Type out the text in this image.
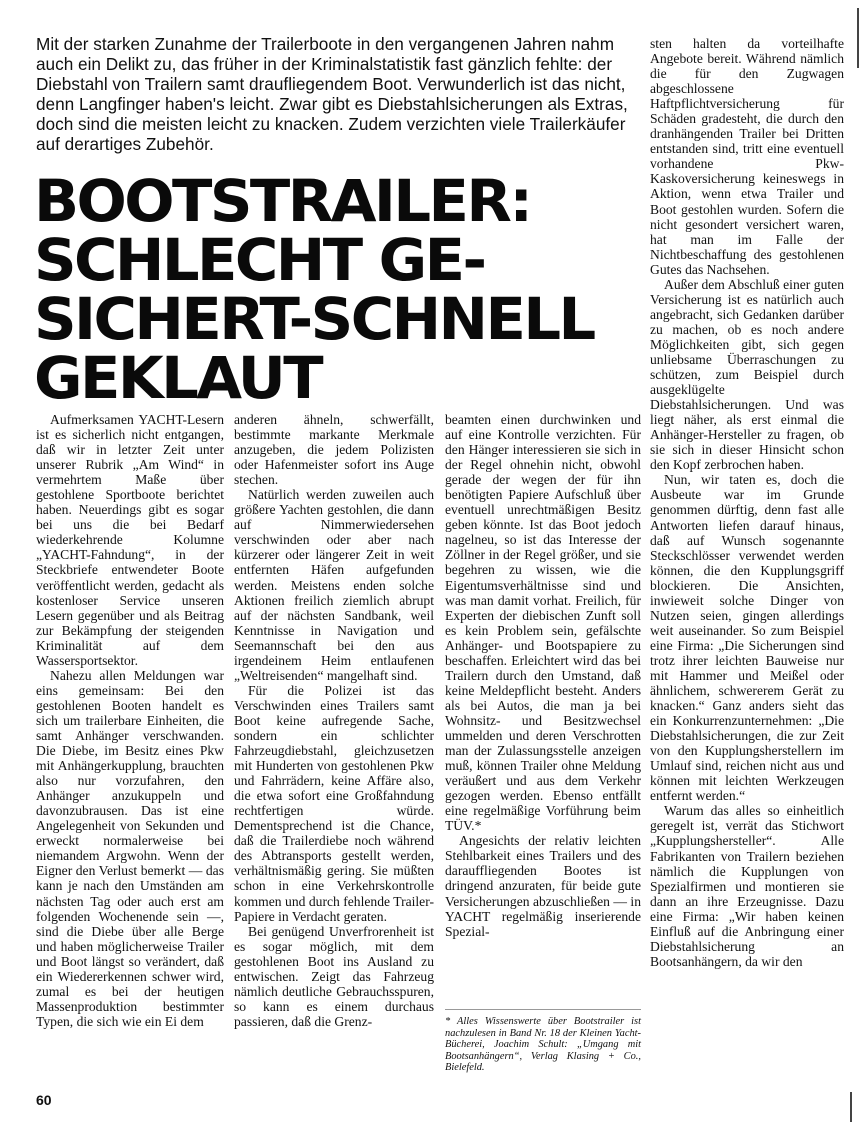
Mit der starken Zunahme der Trailerboote in den vergangenen Jahren nahm auch ein Delikt zu, das früher in der Kriminalstatistik fast gänzlich fehlte: der Diebstahl von Trailern samt draufliegendem Boot. Verwunderlich ist das nicht, denn Langfinger haben's leicht. Zwar gibt es Diebstahlsicherungen als Extras, doch sind die meisten leicht zu knacken. Zudem verzichten viele Trailerkäufer auf derartiges Zubehör.

BOOTSTRAILER:
SCHLECHT GE-
SICHERT-SCHNELL
GEKLAUT

Aufmerksamen YACHT-Lesern ist es sicherlich nicht entgangen, daß wir in letzter Zeit unter unserer Rubrik „Am Wind“ in vermehrtem Maße über gestohlene Sportboote berichtet haben. Neuerdings gibt es sogar bei uns die bei Bedarf wiederkehrende Kolumne „YACHT-Fahndung“, in der Steckbriefe entwendeter Boote veröffentlicht werden, gedacht als kostenloser Service unseren Lesern gegenüber und als Beitrag zur Bekämpfung der steigenden Kriminalität auf dem Wassersportsektor.

Nahezu allen Meldungen war eins gemeinsam: Bei den gestohlenen Booten handelt es sich um trailerbare Einheiten, die samt Anhänger verschwanden. Die Diebe, im Besitz eines Pkw mit Anhängerkupplung, brauchten also nur vorzufahren, den Anhänger anzukuppeln und davonzubrausen. Das ist eine Angelegenheit von Sekunden und erweckt normalerweise bei niemandem Argwohn. Wenn der Eigner den Verlust bemerkt — das kann je nach den Umständen am nächsten Tag oder auch erst am folgenden Wochenende sein —, sind die Diebe über alle Berge und haben möglicherweise Trailer und Boot längst so verändert, daß ein Wiedererkennen schwer wird, zumal es bei der heutigen Massenproduktion bestimmter Typen, die sich wie ein Ei dem

anderen ähneln, schwerfällt, bestimmte markante Merkmale anzugeben, die jedem Polizisten oder Hafenmeister sofort ins Auge stechen.

Natürlich werden zuweilen auch größere Yachten gestohlen, die dann auf Nimmerwiedersehen verschwinden oder aber nach kürzerer oder längerer Zeit in weit entfernten Häfen aufgefunden werden. Meistens enden solche Aktionen freilich ziemlich abrupt auf der nächsten Sandbank, weil Kenntnisse in Navigation und Seemannschaft bei den aus irgendeinem Heim entlaufenen „Weltreisenden“ mangelhaft sind.

Für die Polizei ist das Verschwinden eines Trailers samt Boot keine aufregende Sache, sondern ein schlichter Fahrzeugdiebstahl, gleichzusetzen mit Hunderten von gestohlenen Pkw und Fahrrädern, keine Affäre also, die etwa sofort eine Großfahndung rechtfertigen würde. Dementsprechend ist die Chance, daß die Trailerdiebe noch während des Abtransports gestellt werden, verhältnismäßig gering. Sie müßten schon in eine Verkehrskontrolle kommen und durch fehlende Trailer-Papiere in Verdacht geraten.

Bei genügend Unverfrorenheit ist es sogar möglich, mit dem gestohlenen Boot ins Ausland zu entwischen. Zeigt das Fahrzeug nämlich deutliche Gebrauchsspuren, so kann es einem durchaus passieren, daß die Grenz-

beamten einen durchwinken und auf eine Kontrolle verzichten. Für den Hänger interessieren sie sich in der Regel ohnehin nicht, obwohl gerade der wegen der für ihn benötigten Papiere Aufschluß über eventuell unrechtmäßigen Besitz geben könnte. Ist das Boot jedoch nagelneu, so ist das Interesse der Zöllner in der Regel größer, und sie begehren zu wissen, wie die Eigentumsverhältnisse sind und was man damit vorhat. Freilich, für Experten der diebischen Zunft soll es kein Problem sein, gefälschte Anhänger- und Bootspapiere zu beschaffen. Erleichtert wird das bei Trailern durch den Umstand, daß keine Meldepflicht besteht. Anders als bei Autos, die man ja bei Wohnsitz- und Besitzwechsel ummelden und deren Verschrotten man der Zulassungsstelle anzeigen muß, können Trailer ohne Meldung veräußert und aus dem Verkehr gezogen werden. Ebenso entfällt eine regelmäßige Vorführung beim TÜV.*

Angesichts der relativ leichten Stehlbarkeit eines Trailers und des darauffliegenden Bootes ist dringend anzuraten, für beide gute Versicherungen abzuschließen — in YACHT regelmäßig inserierende Spezial-

* Alles Wissenswerte über Bootstrailer ist nachzulesen in Band Nr. 18 der Kleinen Yacht-Bücherei, Joachim Schult: „Umgang mit Bootsanhängern“, Verlag Klasing + Co., Bielefeld.

sten halten da vorteilhafte Angebote bereit. Während nämlich die für den Zugwagen abgeschlossene Haftpflichtversicherung für Schäden gradesteht, die durch den dranhängenden Trailer bei Dritten entstanden sind, tritt eine eventuell vorhandene Pkw-Kaskoversicherung keineswegs in Aktion, wenn etwa Trailer und Boot gestohlen wurden. Sofern die nicht gesondert versichert waren, hat man im Falle der Nichtbeschaffung des gestohlenen Gutes das Nachsehen.

Außer dem Abschluß einer guten Versicherung ist es natürlich auch angebracht, sich Gedanken darüber zu machen, ob es noch andere Möglichkeiten gibt, sich gegen unliebsame Überraschungen zu schützen, zum Beispiel durch ausgeklügelte Diebstahlsicherungen. Und was liegt näher, als erst einmal die Anhänger-Hersteller zu fragen, ob sie sich in dieser Hinsicht schon den Kopf zerbrochen haben.

Nun, wir taten es, doch die Ausbeute war im Grunde genommen dürftig, denn fast alle Antworten liefen darauf hinaus, daß auf Wunsch sogenannte Steckschlösser verwendet werden können, die den Kupplungsgriff blockieren. Die Ansichten, inwieweit solche Dinger von Nutzen seien, gingen allerdings weit auseinander. So zum Beispiel eine Firma: „Die Sicherungen sind trotz ihrer leichten Bauweise nur mit Hammer und Meißel oder ähnlichem, schwererem Gerät zu knacken.“ Ganz anders sieht das ein Konkurrenzunternehmen: „Die Diebstahlsicherungen, die zur Zeit von den Kupplungsherstellern im Umlauf sind, reichen nicht aus und können mit leichten Werkzeugen entfernt werden.“

Warum das alles so einheitlich geregelt ist, verrät das Stichwort „Kupplungshersteller“. Alle Fabrikanten von Trailern beziehen nämlich die Kupplungen von Spezialfirmen und montieren sie dann an ihre Erzeugnisse. Dazu eine Firma: „Wir haben keinen Einfluß auf die Anbringung einer Diebstahlsicherung an Bootsanhängern, da wir den

60
